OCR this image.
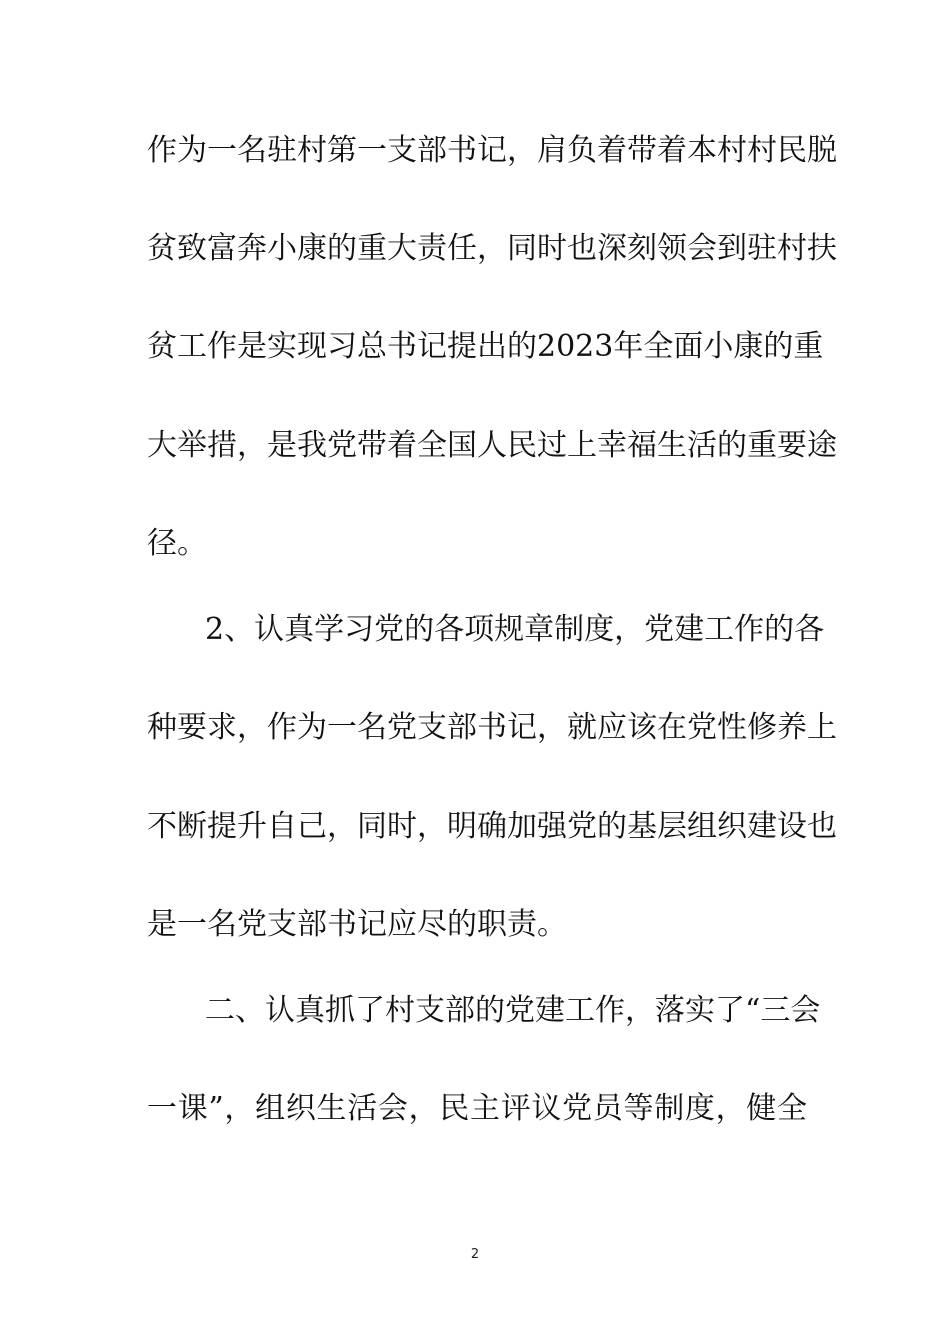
作为一名驻村第一支部书记，肩负着带着本村村民脱
贫致富奔小康的重大责任，同时也深刻领会到驻村扶
贫工作是实现习总书记提出的2023年全面小康的重
大举措，是我党带着全国人民过上幸福生活的重要途
径。
2、认真学习党的各项规章制度，党建工作的各
种要求，作为一名党支部书记，就应该在党性修养上
不断提升自己，同时，明确加强党的基层组织建设也
是一名党支部书记应尽的职责。
二、认真抓了村支部的党建工作，落实了“三会
一课”，组织生活会，民主评议党员等制度，健全
2
